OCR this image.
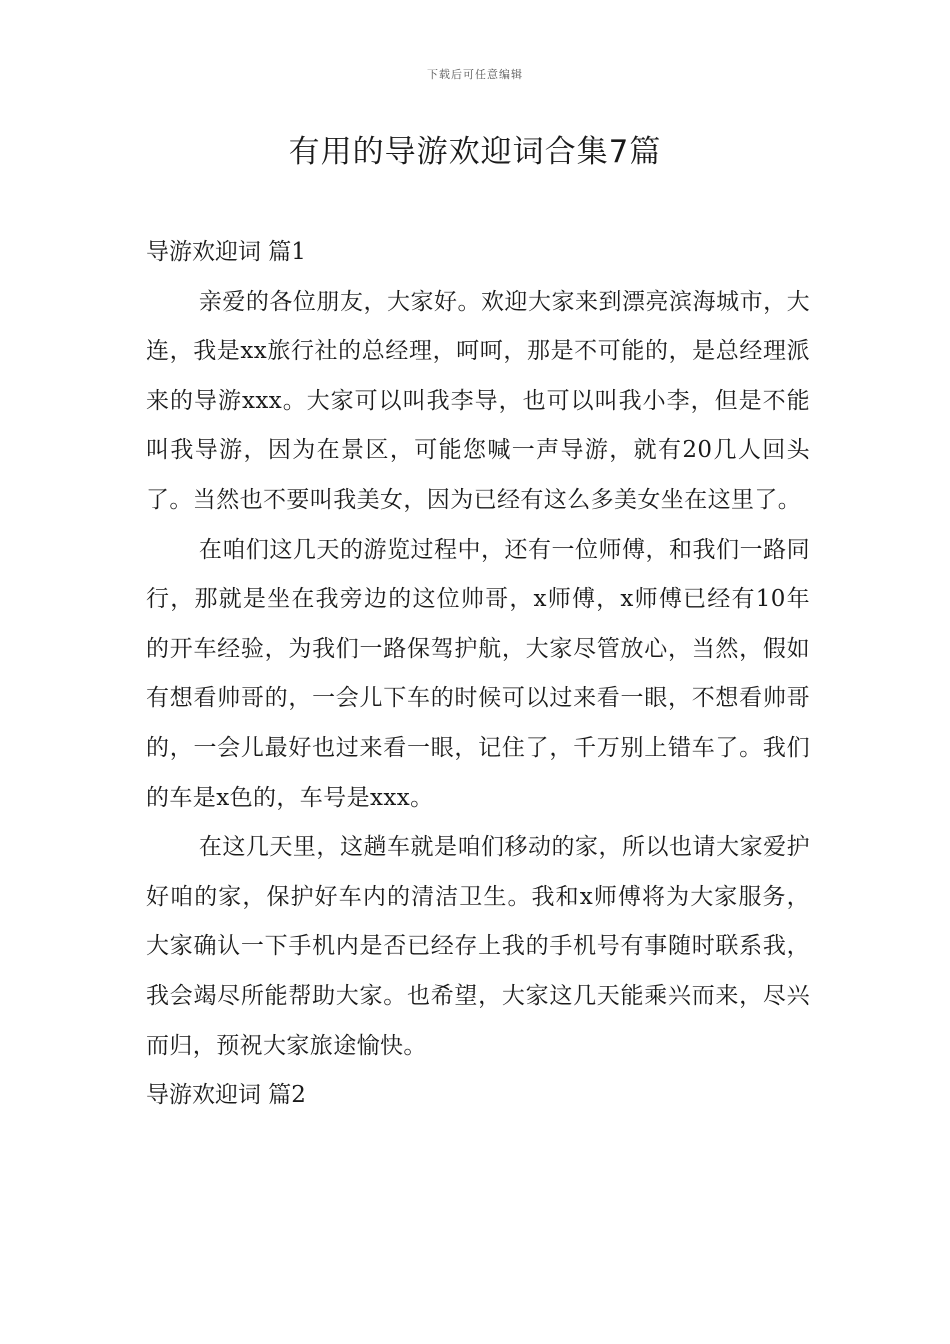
下载后可任意编辑
有用的导游欢迎词合集7篇
导游欢迎词 篇1

亲爱的各位朋友，大家好。欢迎大家来到漂亮滨海城市，大连，我是xx旅行社的总经理，呵呵，那是不可能的，是总经理派来的导游xxx。大家可以叫我李导，也可以叫我小李，但是不能叫我导游，因为在景区，可能您喊一声导游，就有20几人回头了。当然也不要叫我美女，因为已经有这么多美女坐在这里了。

在咱们这几天的游览过程中，还有一位师傅，和我们一路同行，那就是坐在我旁边的这位帅哥，x师傅，x师傅已经有10年的开车经验，为我们一路保驾护航，大家尽管放心，当然，假如有想看帅哥的，一会儿下车的时候可以过来看一眼，不想看帅哥的，一会儿最好也过来看一眼，记住了，千万别上错车了。我们的车是x色的，车号是xxx。

在这几天里，这趟车就是咱们移动的家，所以也请大家爱护好咱的家，保护好车内的清洁卫生。我和x师傅将为大家服务，大家确认一下手机内是否已经存上我的手机号有事随时联系我，我会竭尽所能帮助大家。也希望，大家这几天能乘兴而来，尽兴而归，预祝大家旅途愉快。

导游欢迎词 篇2
